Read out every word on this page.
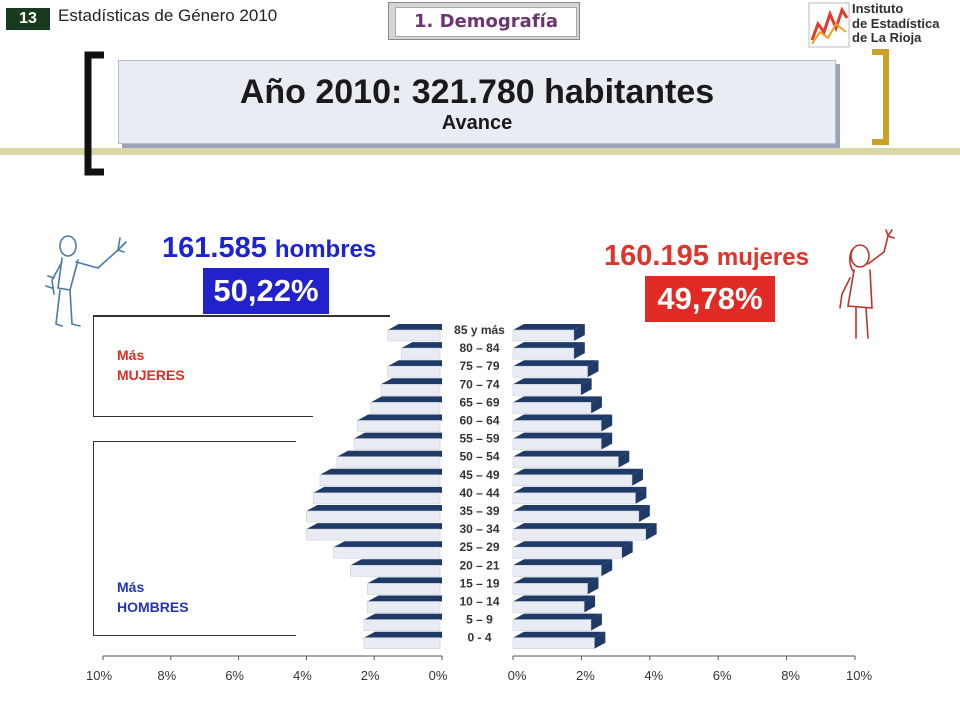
13	Estadísticas de Género 2010	1. Demografía
Instituto
de Estadística
de La Rioja
Año 2010: 321.780 habitantes
Avance
161.585 hombres
50,22%
160.195 mujeres
49,78%
Más
MUJERES
Más
HOMBRES
85 y más
80 – 84
75 – 79
70 – 74
65 – 69
60 – 64
55 – 59
50 – 54
45 – 49
40 – 44
35 – 39
30 – 34
25 – 29
20 – 21
15 – 19
10 – 14
5 – 9
0 - 4
10%	8%	6%	4%	2%	0%	0%	2%	4%	6%	8%	10%
